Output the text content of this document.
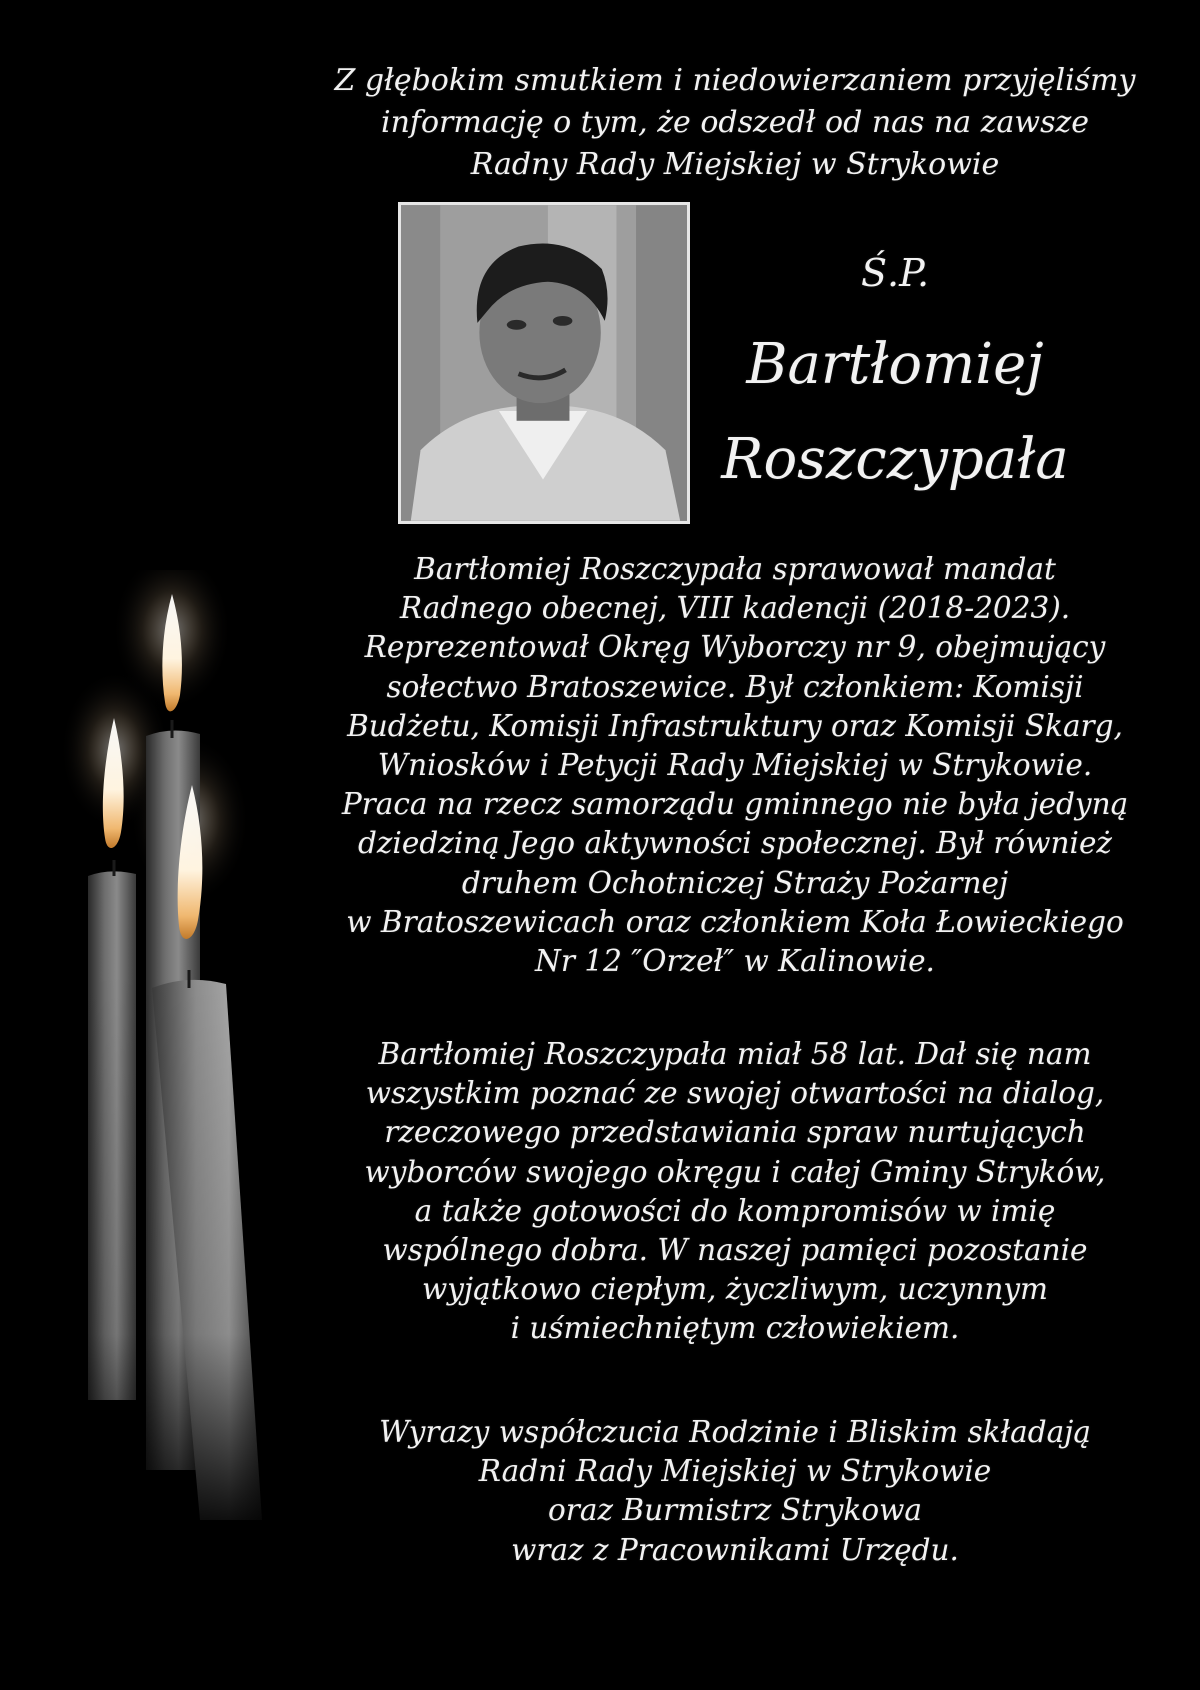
Z głębokim smutkiem i niedowierzaniem przyjęliśmy
informację o tym, że odszedł od nas na zawsze
Radny Rady Miejskiej w Strykowie
Ś.P.
Bartłomiej
Roszczypała
Bartłomiej Roszczypała sprawował mandat
Radnego obecnej, VIII kadencji (2018-2023).
Reprezentował Okręg Wyborczy nr 9, obejmujący
sołectwo Bratoszewice. Był członkiem: Komisji
Budżetu, Komisji Infrastruktury oraz Komisji Skarg,
Wniosków i Petycji Rady Miejskiej w Strykowie.
Praca na rzecz samorządu gminnego nie była jedyną
dziedziną Jego aktywności społecznej. Był również
druhem Ochotniczej Straży Pożarnej
w Bratoszewicach oraz członkiem Koła Łowieckiego
Nr 12 ″Orzeł″ w Kalinowie.
Bartłomiej Roszczypała miał 58 lat. Dał się nam
wszystkim poznać ze swojej otwartości na dialog,
rzeczowego przedstawiania spraw nurtujących
wyborców swojego okręgu i całej Gminy Stryków,
a także gotowości do kompromisów w imię
wspólnego dobra. W naszej pamięci pozostanie
wyjątkowo ciepłym, życzliwym, uczynnym
i uśmiechniętym człowiekiem.
Wyrazy współczucia Rodzinie i Bliskim składają
Radni Rady Miejskiej w Strykowie
oraz Burmistrz Strykowa
wraz z Pracownikami Urzędu.
